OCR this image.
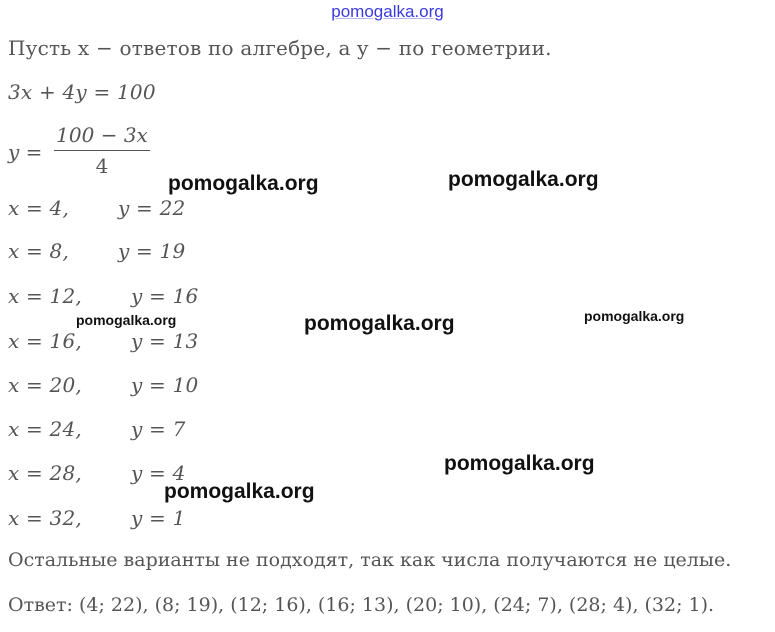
pomogalka.org
Пусть x − ответов по алгебре, а y − по геометрии.
3x + 4y = 100
y =
100 − 3x
4
x = 4, y = 22
x = 8, y = 19
x = 12, y = 16
x = 16, y = 13
x = 20, y = 10
x = 24, y = 7
x = 28, y = 4
x = 32, y = 1
Остальные варианты не подходят, так как числа получаются не целые.
Ответ: (4; 22), (8; 19), (12; 16), (16; 13), (20; 10), (24; 7), (28; 4), (32; 1).
pomogalka.org	pomogalka.org
pomogalka.org	pomogalka.org	pomogalka.org
pomogalka.org
pomogalka.org
